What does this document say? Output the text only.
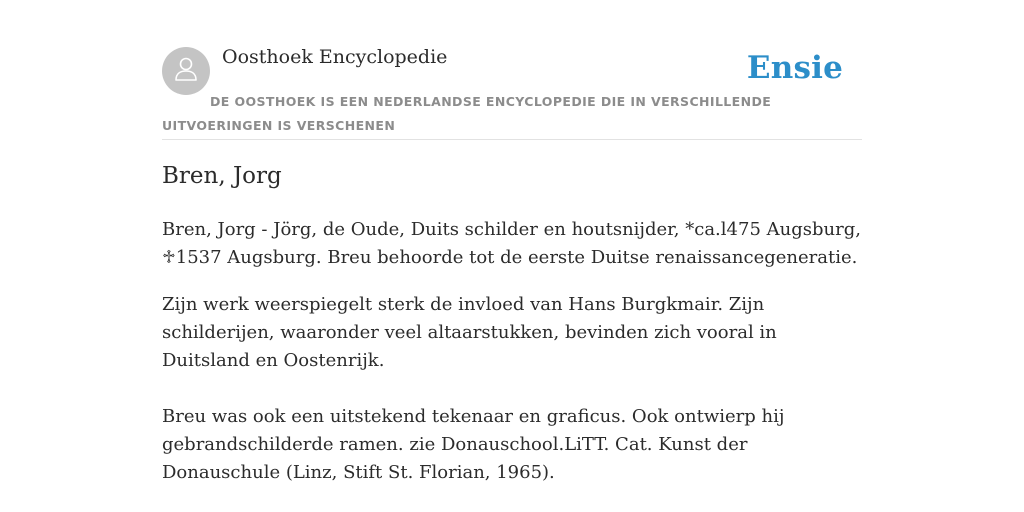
Oosthoek Encyclopedie	Ensie
DE OOSTHOEK IS EEN NEDERLANDSE ENCYCLOPEDIE DIE IN VERSCHILLENDE UITVOERINGEN IS VERSCHENEN
Bren, Jorg

Bren, Jorg - Jörg, de Oude, Duits schilder en houtsnijder, *ca.l475 Augsburg, ♱1537 Augsburg. Breu behoorde tot de eerste Duitse renaissancegeneratie.

Zijn werk weerspiegelt sterk de invloed van Hans Burgkmair. Zijn schilderijen, waaronder veel altaarstukken, bevinden zich vooral in Duitsland en Oostenrijk.

Breu was ook een uitstekend tekenaar en graficus. Ook ontwierp hij gebrandschilderde ramen. zie Donauschool.LiTT. Cat. Kunst der Donauschule (Linz, Stift St. Florian, 1965).
